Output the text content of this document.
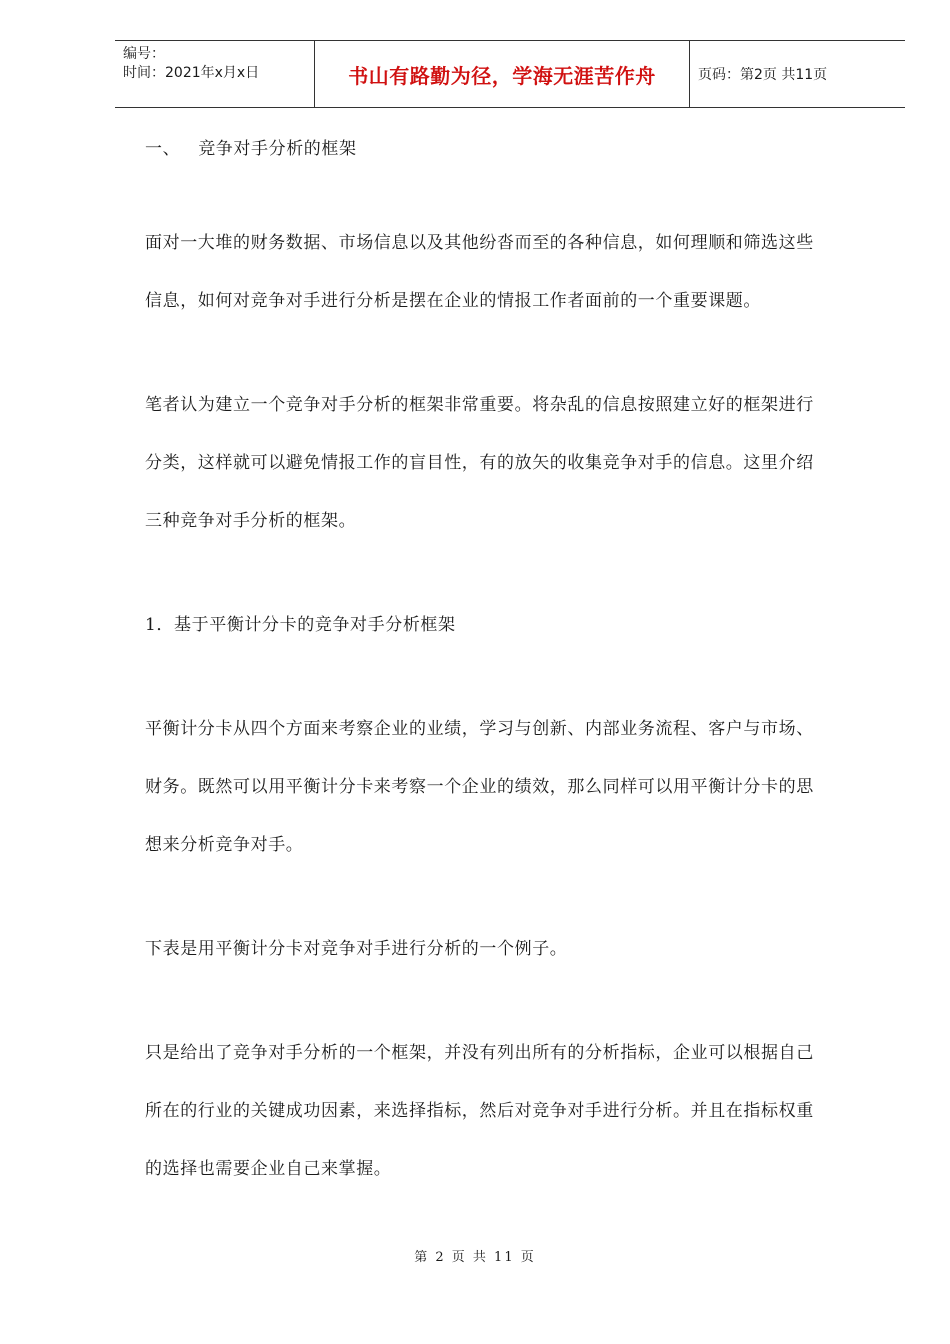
编号：
时间：2021年x月x日	书山有路勤为径，学海无涯苦作舟	页码：第2页 共11页
一、 竞争对手分析的框架

面对一大堆的财务数据、市场信息以及其他纷沓而至的各种信息，如何理顺和筛选这些

信息，如何对竞争对手进行分析是摆在企业的情报工作者面前的一个重要课题。

笔者认为建立一个竞争对手分析的框架非常重要。将杂乱的信息按照建立好的框架进行

分类，这样就可以避免情报工作的盲目性，有的放矢的收集竞争对手的信息。这里介绍

三种竞争对手分析的框架。

1．基于平衡计分卡的竞争对手分析框架

平衡计分卡从四个方面来考察企业的业绩，学习与创新、内部业务流程、客户与市场、

财务。既然可以用平衡计分卡来考察一个企业的绩效，那么同样可以用平衡计分卡的思

想来分析竞争对手。

下表是用平衡计分卡对竞争对手进行分析的一个例子。

只是给出了竞争对手分析的一个框架，并没有列出所有的分析指标，企业可以根据自己

所在的行业的关键成功因素，来选择指标，然后对竞争对手进行分析。并且在指标权重

的选择也需要企业自己来掌握。

第 2 页 共 11 页
